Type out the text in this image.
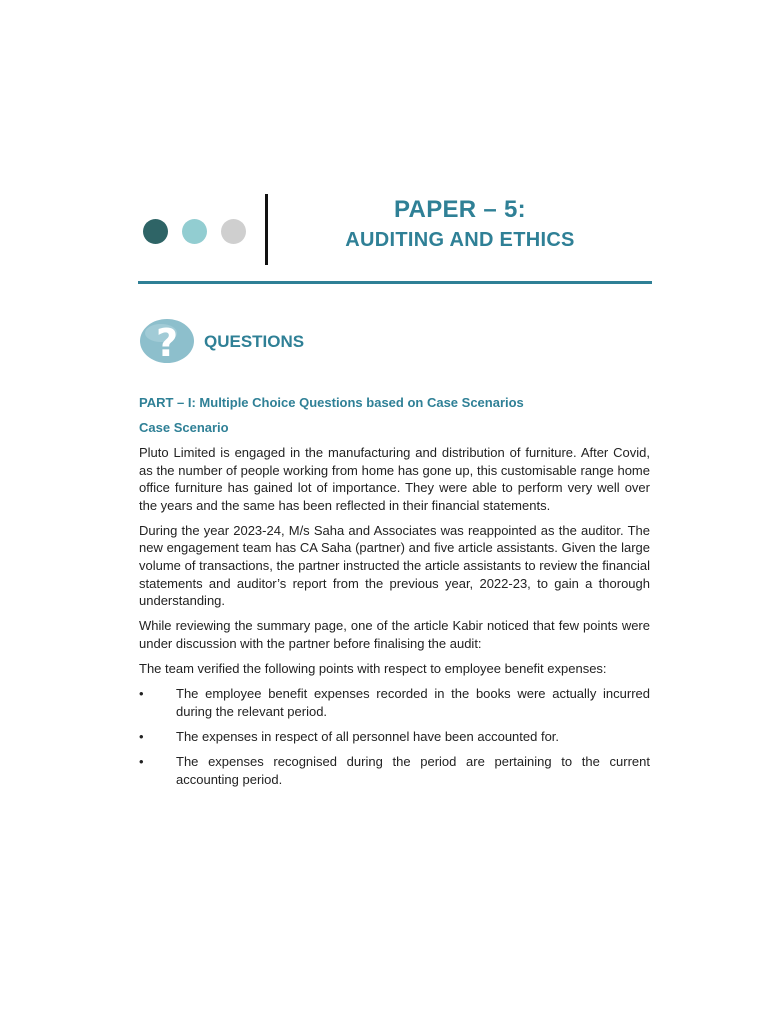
PAPER – 5:
AUDITING AND ETHICS
? QUESTIONS
PART – I: Multiple Choice Questions based on Case Scenarios
Case Scenario

Pluto Limited is engaged in the manufacturing and distribution of furniture. After Covid, as the number of people working from home has gone up, this customisable range home office furniture has gained lot of importance. They were able to perform very well over the years and the same has been reflected in their financial statements.

During the year 2023-24, M/s Saha and Associates was reappointed as the auditor. The new engagement team has CA Saha (partner) and five article assistants. Given the large volume of transactions, the partner instructed the article assistants to review the financial statements and auditor’s report from the previous year, 2022-23, to gain a thorough understanding.

While reviewing the summary page, one of the article Kabir noticed that few points were under discussion with the partner before finalising the audit:

The team verified the following points with respect to employee benefit expenses:

• The employee benefit expenses recorded in the books were actually incurred during the relevant period.
• The expenses in respect of all personnel have been accounted for.
• The expenses recognised during the period are pertaining to the current accounting period.
